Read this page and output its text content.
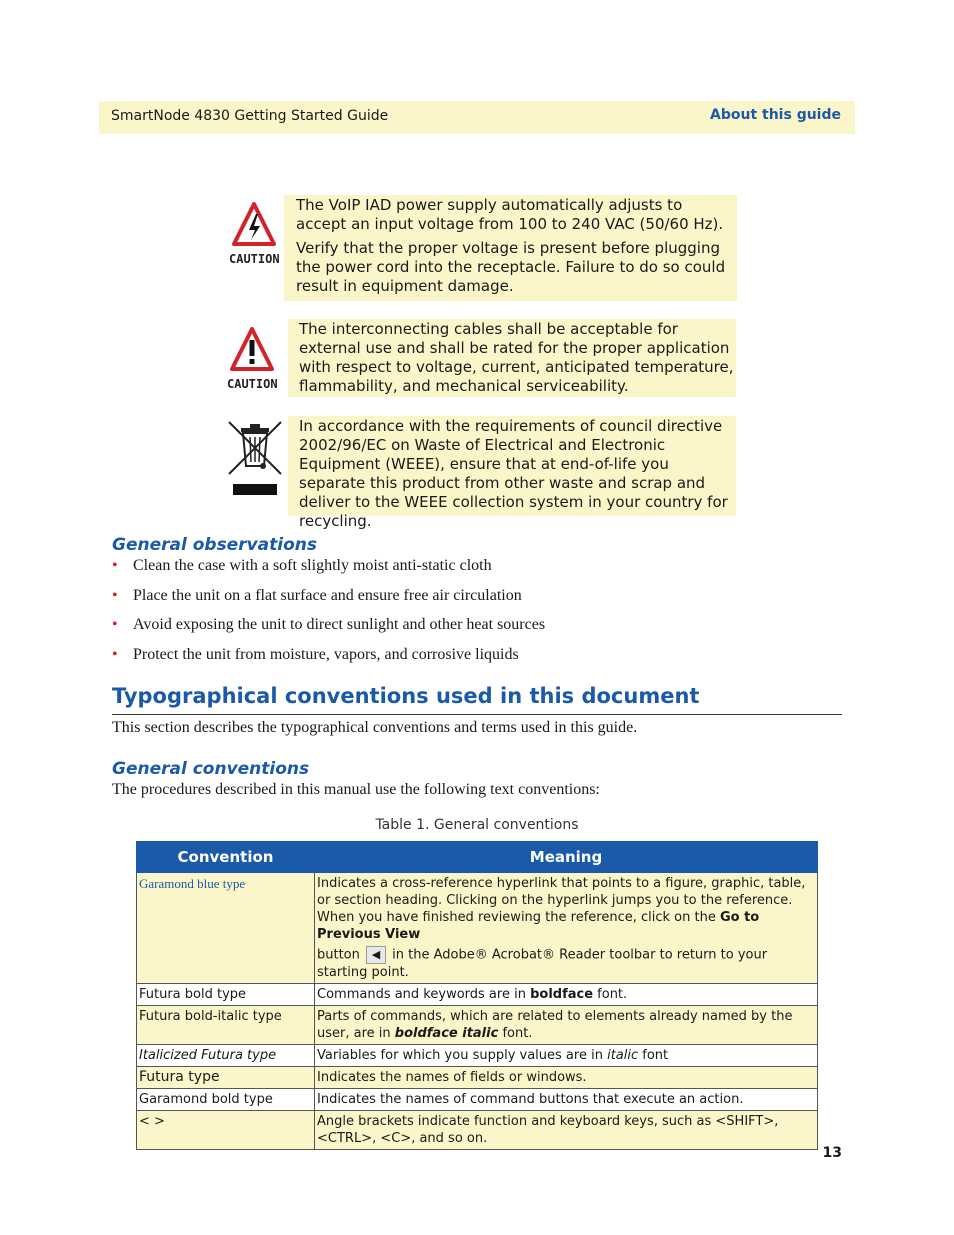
SmartNode 4830 Getting Started Guide	About this guide
CAUTION

The VoIP IAD power supply automatically adjusts to accept an input voltage from 100 to 240 VAC (50/60 Hz).

Verify that the proper voltage is present before plugging the power cord into the receptacle. Failure to do so could result in equipment damage.

CAUTION

The interconnecting cables shall be acceptable for external use and shall be rated for the proper application with respect to voltage, current, anticipated temperature, flammability, and mechanical serviceability.

In accordance with the requirements of council directive 2002/96/EC on Waste of Electrical and Electronic Equipment (WEEE), ensure that at end-of-life you separate this product from other waste and scrap and deliver to the WEEE collection system in your country for recycling.

General observations
• Clean the case with a soft slightly moist anti-static cloth
• Place the unit on a flat surface and ensure free air circulation
• Avoid exposing the unit to direct sunlight and other heat sources
• Protect the unit from moisture, vapors, and corrosive liquids
Typographical conventions used in this document
This section describes the typographical conventions and terms used in this guide.
General conventions
The procedures described in this manual use the following text conventions:
Table 1. General conventions
Convention	Meaning
Garamond blue type	Indicates a cross-reference hyperlink that points to a figure, graphic, table, or section heading. Clicking on the hyperlink jumps you to the reference. When you have finished reviewing the reference, click on the Go to Previous View
button ◀ in the Adobe® Acrobat® Reader toolbar to return to your starting point.
Futura bold type	Commands and keywords are in boldface font.
Futura bold-italic type	Parts of commands, which are related to elements already named by the user, are in boldface italic font.
Italicized Futura type	Variables for which you supply values are in italic font
Futura type	Indicates the names of fields or windows.
Garamond bold type	Indicates the names of command buttons that execute an action.
< >	Angle brackets indicate function and keyboard keys, such as <SHIFT>, <CTRL>, <C>, and so on.
13
